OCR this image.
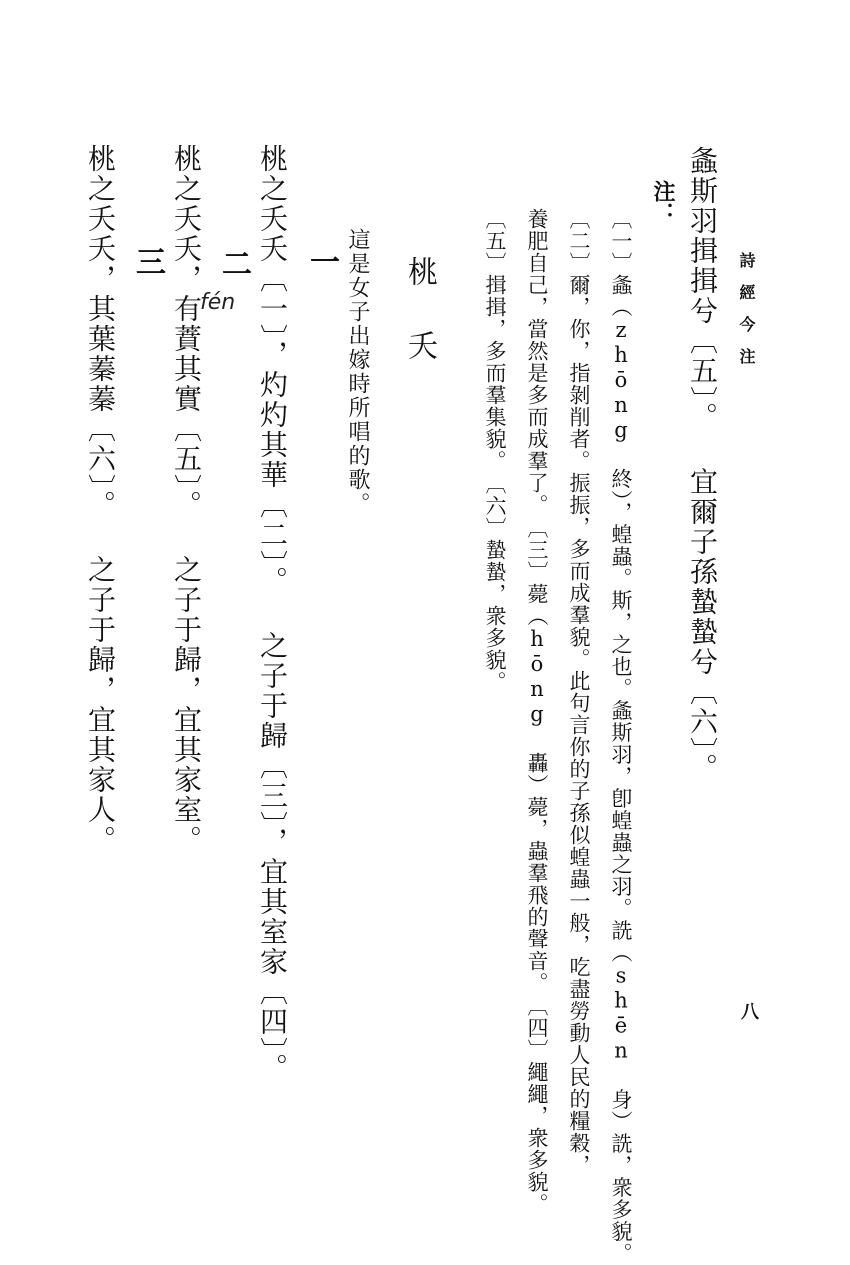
詩經今注
八
螽斯羽揖揖兮〔五〕。 宜爾子孫蟄蟄兮〔六〕。
注：
〔一〕螽（zhōng 終），蝗蟲。斯，之也。螽斯羽，卽蝗蟲之羽。詵（shēn 身）詵，衆多貌。
〔二〕爾，你，指剝削者。振振，多而成羣貌。此句言你的子孫似蝗蟲一般，吃盡勞動人民的糧穀，
養肥自己，當然是多而成羣了。　〔三〕薨（hōng 轟）薨，蟲羣飛的聲音。　〔四〕繩繩，衆多貌。
〔五〕揖揖，多而羣集貌。　〔六〕蟄蟄，衆多貌。
桃夭
這是女子出嫁時所唱的歌。
一
桃之夭夭〔一〕，灼灼其華〔二〕。 之子于歸〔三〕，宜其室家〔四〕。
二
桃之夭夭，有蕡其實〔五〕。 之子于歸，宜其家室。
fén
三
桃之夭夭，其葉蓁蓁〔六〕。 之子于歸，宜其家人。
